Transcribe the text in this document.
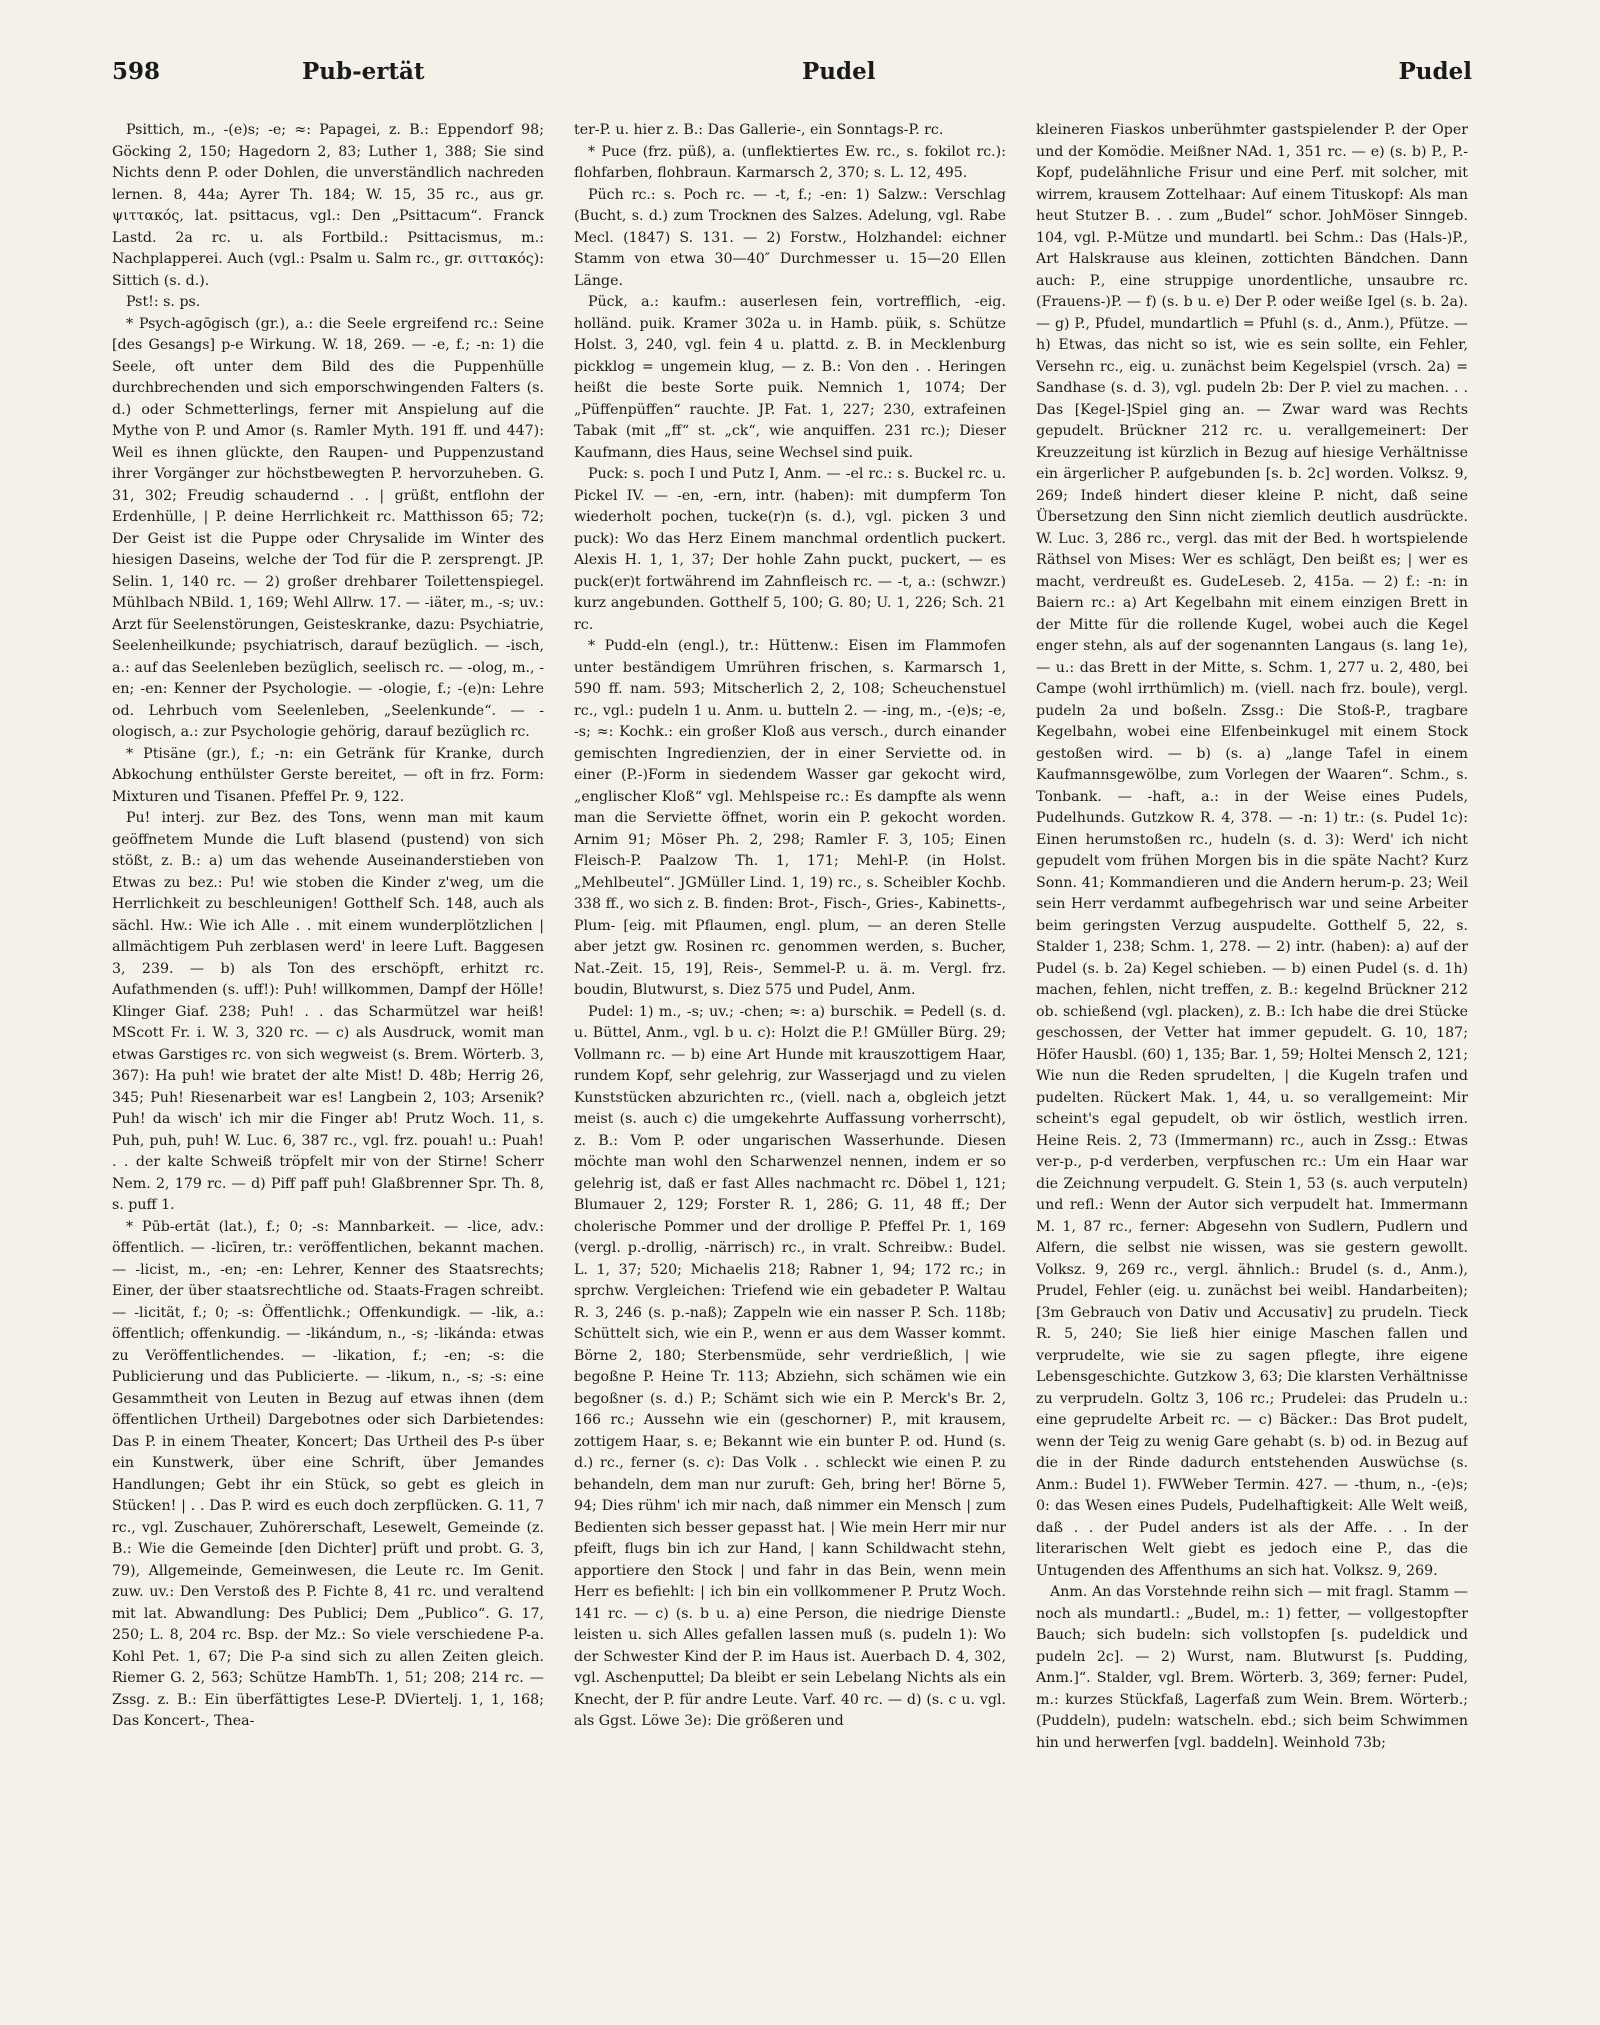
598	Pub-ertät	Pudel	Pudel

Psittich, m., -(e)s; -e; ≈: Papagei, z. B.: Eppendorf 98; Göcking 2, 150; Hagedorn 2, 83; Luther 1, 388; Sie sind Nichts denn P. oder Dohlen, die unverständlich nachreden lernen. 8, 44a; Ayrer Th. 184; W. 15, 35 rc., aus gr. ψιττακός, lat. psittacus, vgl.: Den „Psittacum“. Franck Lastd. 2a rc. u. als Fortbild.: Psittacismus, m.: Nachplapperei. Auch (vgl.: Psalm u. Salm rc., gr. σιττακός): Sittich (s. d.).

Pst!: s. ps.

* Psych-agōgisch (gr.), a.: die Seele ergreifend rc.: Seine [des Gesangs] p-e Wirkung. W. 18, 269. — -e, f.; -n: 1) die Seele, oft unter dem Bild des die Puppenhülle durchbrechenden und sich emporschwingenden Falters (s. d.) oder Schmetterlings, ferner mit Anspielung auf die Mythe von P. und Amor (s. Ramler Myth. 191 ff. und 447): Weil es ihnen glückte, den Raupen- und Puppenzustand ihrer Vorgänger zur höchstbewegten P. hervorzuheben. G. 31, 302; Freudig schaudernd . . | grüßt, entflohn der Erdenhülle, | P. deine Herrlichkeit rc. Matthisson 65; 72; Der Geist ist die Puppe oder Chrysalide im Winter des hiesigen Daseins, welche der Tod für die P. zersprengt. JP. Selin. 1, 140 rc. — 2) großer drehbarer Toilettenspiegel. Mühlbach NBild. 1, 169; Wehl Allrw. 17. — -iäter, m., -s; uv.: Arzt für Seelenstörungen, Geisteskranke, dazu: Psychiatrie, Seelenheilkunde; psychiatrisch, darauf bezüglich. — -isch, a.: auf das Seelenleben bezüglich, seelisch rc. — -olog, m., -en; -en: Kenner der Psychologie. — -ologie, f.; -(e)n: Lehre od. Lehrbuch vom Seelenleben, „Seelenkunde“. — -ologisch, a.: zur Psychologie gehörig, darauf bezüglich rc.

* Ptisäne (gr.), f.; -n: ein Getränk für Kranke, durch Abkochung enthülster Gerste bereitet, — oft in frz. Form: Mixturen und Tisanen. Pfeffel Pr. 9, 122.

Pu! interj. zur Bez. des Tons, wenn man mit kaum geöffnetem Munde die Luft blasend (pustend) von sich stößt, z. B.: a) um das wehende Auseinanderstieben von Etwas zu bez.: Pu! wie stoben die Kinder z'weg, um die Herrlichkeit zu beschleunigen! Gotthelf Sch. 148, auch als sächl. Hw.: Wie ich Alle . . mit einem wunderplötzlichen | allmächtigem Puh zerblasen werd' in leere Luft. Baggesen 3, 239. — b) als Ton des erschöpft, erhitzt rc. Aufathmenden (s. uff!): Puh! willkommen, Dampf der Hölle! Klinger Giaf. 238; Puh! . . das Scharmützel war heiß! MScott Fr. i. W. 3, 320 rc. — c) als Ausdruck, womit man etwas Garstiges rc. von sich wegweist (s. Brem. Wörterb. 3, 367): Ha puh! wie bratet der alte Mist! D. 48b; Herrig 26, 345; Puh! Riesenarbeit war es! Langbein 2, 103; Arsenik? Puh! da wisch' ich mir die Finger ab! Prutz Woch. 11, s. Puh, puh, puh! W. Luc. 6, 387 rc., vgl. frz. pouah! u.: Puah! . . der kalte Schweiß tröpfelt mir von der Stirne! Scherr Nem. 2, 179 rc. — d) Piff paff puh! Glaßbrenner Spr. Th. 8, s. puff 1.

* Pūb-ertāt (lat.), f.; 0; -s: Mannbarkeit. — -lice, adv.: öffentlich. — -licīren, tr.: veröffentlichen, bekannt machen. — -licist, m., -en; -en: Lehrer, Kenner des Staatsrechts; Einer, der über staatsrechtliche od. Staats-Fragen schreibt. — -licität, f.; 0; -s: Öffentlichk.; Offenkundigk. — -lik, a.: öffentlich; offenkundig. — -likándum, n., -s; -likánda: etwas zu Veröffentlichendes. — -likation, f.; -en; -s: die Publicierung und das Publicierte. — -likum, n., -s; -s: eine Gesammtheit von Leuten in Bezug auf etwas ihnen (dem öffentlichen Urtheil) Dargebotnes oder sich Darbietendes: Das P. in einem Theater, Koncert; Das Urtheil des P-s über ein Kunstwerk, über eine Schrift, über Jemandes Handlungen; Gebt ihr ein Stück, so gebt es gleich in Stücken! | . . Das P. wird es euch doch zerpflücken. G. 11, 7 rc., vgl. Zuschauer, Zuhörerschaft, Lesewelt, Gemeinde (z. B.: Wie die Gemeinde [den Dichter] prüft und probt. G. 3, 79), Allgemeinde, Gemeinwesen, die Leute rc. Im Genit. zuw. uv.: Den Verstoß des P. Fichte 8, 41 rc. und veraltend mit lat. Abwandlung: Des Publici; Dem „Publico“. G. 17, 250; L. 8, 204 rc. Bsp. der Mz.: So viele verschiedene P-a. Kohl Pet. 1, 67; Die P-a sind sich zu allen Zeiten gleich. Riemer G. 2, 563; Schütze HambTh. 1, 51; 208; 214 rc. — Zssg. z. B.: Ein überfättigtes Lese-P. DViertelj. 1, 1, 168; Das Koncert-, Thea-

ter-P. u. hier z. B.: Das Gallerie-, ein Sonntags-P. rc.

* Puce (frz. püß), a. (unflektiertes Ew. rc., s. fokilot rc.): flohfarben, flohbraun. Karmarsch 2, 370; s. L. 12, 495.

Püch rc.: s. Poch rc. — -t, f.; -en: 1) Salzw.: Verschlag (Bucht, s. d.) zum Trocknen des Salzes. Adelung, vgl. Rabe Mecl. (1847) S. 131. — 2) Forstw., Holzhandel: eichner Stamm von etwa 30—40″ Durchmesser u. 15—20 Ellen Länge.

Pück, a.: kaufm.: auserlesen fein, vortrefflich, -eig. holländ. puik. Kramer 302a u. in Hamb. püik, s. Schütze Holst. 3, 240, vgl. fein 4 u. plattd. z. B. in Mecklenburg pickklog = ungemein klug, — z. B.: Von den . . Heringen heißt die beste Sorte puik. Nemnich 1, 1074; Der „Püffenpüffen“ rauchte. JP. Fat. 1, 227; 230, extrafeinen Tabak (mit „ff“ st. „ck“, wie anquiffen. 231 rc.); Dieser Kaufmann, dies Haus, seine Wechsel sind puik.

Puck: s. poch I und Putz I, Anm. — -el rc.: s. Buckel rc. u. Pickel IV. — -en, -ern, intr. (haben): mit dumpferm Ton wiederholt pochen, tucke(r)n (s. d.), vgl. picken 3 und puck): Wo das Herz Einem manchmal ordentlich puckert. Alexis H. 1, 1, 37; Der hohle Zahn puckt, puckert, — es puck(er)t fortwährend im Zahnfleisch rc. — -t, a.: (schwzr.) kurz angebunden. Gotthelf 5, 100; G. 80; U. 1, 226; Sch. 21 rc.

* Pudd-eln (engl.), tr.: Hüttenw.: Eisen im Flammofen unter beständigem Umrühren frischen, s. Karmarsch 1, 590 ff. nam. 593; Mitscherlich 2, 2, 108; Scheuchenstuel rc., vgl.: pudeln 1 u. Anm. u. butteln 2. — -ing, m., -(e)s; -e, -s; ≈: Kochk.: ein großer Kloß aus versch., durch einander gemischten Ingredienzien, der in einer Serviette od. in einer (P.-)Form in siedendem Wasser gar gekocht wird, „englischer Kloß“ vgl. Mehlspeise rc.: Es dampfte als wenn man die Serviette öffnet, worin ein P. gekocht worden. Arnim 91; Möser Ph. 2, 298; Ramler F. 3, 105; Einen Fleisch-P. Paalzow Th. 1, 171; Mehl-P. (in Holst. „Mehlbeutel“. JGMüller Lind. 1, 19) rc., s. Scheibler Kochb. 338 ff., wo sich z. B. finden: Brot-, Fisch-, Gries-, Kabinetts-, Plum- [eig. mit Pflaumen, engl. plum, — an deren Stelle aber jetzt gw. Rosinen rc. genommen werden, s. Bucher, Nat.-Zeit. 15, 19], Reis-, Semmel-P. u. ä. m. Vergl. frz. boudin, Blutwurst, s. Diez 575 und Pudel, Anm.

Pudel: 1) m., -s; uv.; -chen; ≈: a) burschik. = Pedell (s. d. u. Büttel, Anm., vgl. b u. c): Holzt die P.! GMüller Bürg. 29; Vollmann rc. — b) eine Art Hunde mit krauszottigem Haar, rundem Kopf, sehr gelehrig, zur Wasserjagd und zu vielen Kunststücken abzurichten rc., (viell. nach a, obgleich jetzt meist (s. auch c) die umgekehrte Auffassung vorherrscht), z. B.: Vom P. oder ungarischen Wasserhunde. Diesen möchte man wohl den Scharwenzel nennen, indem er so gelehrig ist, daß er fast Alles nachmacht rc. Döbel 1, 121; Blumauer 2, 129; Forster R. 1, 286; G. 11, 48 ff.; Der cholerische Pommer und der drollige P. Pfeffel Pr. 1, 169 (vergl. p.-drollig, -närrisch) rc., in vralt. Schreibw.: Budel. L. 1, 37; 520; Michaelis 218; Rabner 1, 94; 172 rc.; in sprchw. Vergleichen: Triefend wie ein gebadeter P. Waltau R. 3, 246 (s. p.-naß); Zappeln wie ein nasser P. Sch. 118b; Schüttelt sich, wie ein P., wenn er aus dem Wasser kommt. Börne 2, 180; Sterbensmüde, sehr verdrießlich, | wie begoßne P. Heine Tr. 113; Abziehn, sich schämen wie ein begoßner (s. d.) P.; Schämt sich wie ein P. Merck's Br. 2, 166 rc.; Aussehn wie ein (geschorner) P., mit krausem, zottigem Haar, s. e; Bekannt wie ein bunter P. od. Hund (s. d.) rc., ferner (s. c): Das Volk . . schleckt wie einen P. zu behandeln, dem man nur zuruft: Geh, bring her! Börne 5, 94; Dies rühm' ich mir nach, daß nimmer ein Mensch | zum Bedienten sich besser gepasst hat. | Wie mein Herr mir nur pfeift, flugs bin ich zur Hand, | kann Schildwacht stehn, apportiere den Stock | und fahr in das Bein, wenn mein Herr es befiehlt: | ich bin ein vollkommener P. Prutz Woch. 141 rc. — c) (s. b u. a) eine Person, die niedrige Dienste leisten u. sich Alles gefallen lassen muß (s. pudeln 1): Wo der Schwester Kind der P. im Haus ist. Auerbach D. 4, 302, vgl. Aschenputtel; Da bleibt er sein Lebelang Nichts als ein Knecht, der P. für andre Leute. Varf. 40 rc. — d) (s. c u. vgl. als Ggst. Löwe 3e): Die größeren und

kleineren Fiaskos unberühmter gastspielender P. der Oper und der Komödie. Meißner NAd. 1, 351 rc. — e) (s. b) P., P.-Kopf, pudelähnliche Frisur und eine Perf. mit solcher, mit wirrem, krausem Zottelhaar: Auf einem Tituskopf: Als man heut Stutzer B. . . zum „Budel“ schor. JohMöser Sinngeb. 104, vgl. P.-Mütze und mundartl. bei Schm.: Das (Hals-)P., Art Halskrause aus kleinen, zottichten Bändchen. Dann auch: P., eine struppige unordentliche, unsaubre rc. (Frauens-)P. — f) (s. b u. e) Der P. oder weiße Igel (s. b. 2a). — g) P., Pfudel, mundartlich = Pfuhl (s. d., Anm.), Pfütze. — h) Etwas, das nicht so ist, wie es sein sollte, ein Fehler, Versehn rc., eig. u. zunächst beim Kegelspiel (vrsch. 2a) = Sandhase (s. d. 3), vgl. pudeln 2b: Der P. viel zu machen. . . Das [Kegel-]Spiel ging an. — Zwar ward was Rechts gepudelt. Brückner 212 rc. u. verallgemeinert: Der Kreuzzeitung ist kürzlich in Bezug auf hiesige Verhältnisse ein ärgerlicher P. aufgebunden [s. b. 2c] worden. Volksz. 9, 269; Indeß hindert dieser kleine P. nicht, daß seine Übersetzung den Sinn nicht ziemlich deutlich ausdrückte. W. Luc. 3, 286 rc., vergl. das mit der Bed. h wortspielende Räthsel von Mises: Wer es schlägt, Den beißt es; | wer es macht, verdreußt es. GudeLeseb. 2, 415a. — 2) f.: -n: in Baiern rc.: a) Art Kegelbahn mit einem einzigen Brett in der Mitte für die rollende Kugel, wobei auch die Kegel enger stehn, als auf der sogenannten Langaus (s. lang 1e), — u.: das Brett in der Mitte, s. Schm. 1, 277 u. 2, 480, bei Campe (wohl irrthümlich) m. (viell. nach frz. boule), vergl. pudeln 2a und boßeln. Zssg.: Die Stoß-P., tragbare Kegelbahn, wobei eine Elfenbeinkugel mit einem Stock gestoßen wird. — b) (s. a) „lange Tafel in einem Kaufmannsgewölbe, zum Vorlegen der Waaren“. Schm., s. Tonbank. — -haft, a.: in der Weise eines Pudels, Pudelhunds. Gutzkow R. 4, 378. — -n: 1) tr.: (s. Pudel 1c): Einen herumstoßen rc., hudeln (s. d. 3): Werd' ich nicht gepudelt vom frühen Morgen bis in die späte Nacht? Kurz Sonn. 41; Kommandieren und die Andern herum-p. 23; Weil sein Herr verdammt aufbegehrisch war und seine Arbeiter beim geringsten Verzug auspudelte. Gotthelf 5, 22, s. Stalder 1, 238; Schm. 1, 278. — 2) intr. (haben): a) auf der Pudel (s. b. 2a) Kegel schieben. — b) einen Pudel (s. d. 1h) machen, fehlen, nicht treffen, z. B.: kegelnd Brückner 212 ob. schießend (vgl. placken), z. B.: Ich habe die drei Stücke geschossen, der Vetter hat immer gepudelt. G. 10, 187; Höfer Hausbl. (60) 1, 135; Bar. 1, 59; Holtei Mensch 2, 121; Wie nun die Reden sprudelten, | die Kugeln trafen und pudelten. Rückert Mak. 1, 44, u. so verallgemeint: Mir scheint's egal gepudelt, ob wir östlich, westlich irren. Heine Reis. 2, 73 (Immermann) rc., auch in Zssg.: Etwas ver-p., p-d verderben, verpfuschen rc.: Um ein Haar war die Zeichnung verpudelt. G. Stein 1, 53 (s. auch verputeln) und refl.: Wenn der Autor sich verpudelt hat. Immermann M. 1, 87 rc., ferner: Abgesehn von Sudlern, Pudlern und Alfern, die selbst nie wissen, was sie gestern gewollt. Volksz. 9, 269 rc., vergl. ähnlich.: Brudel (s. d., Anm.), Prudel, Fehler (eig. u. zunächst bei weibl. Handarbeiten); [3m Gebrauch von Dativ und Accusativ] zu prudeln. Tieck R. 5, 240; Sie ließ hier einige Maschen fallen und verprudelte, wie sie zu sagen pflegte, ihre eigene Lebensgeschichte. Gutzkow 3, 63; Die klarsten Verhältnisse zu verprudeln. Goltz 3, 106 rc.; Prudelei: das Prudeln u.: eine geprudelte Arbeit rc. — c) Bäcker.: Das Brot pudelt, wenn der Teig zu wenig Gare gehabt (s. b) od. in Bezug auf die in der Rinde dadurch entstehenden Auswüchse (s. Anm.: Budel 1). FWWeber Termin. 427. — -thum, n., -(e)s; 0: das Wesen eines Pudels, Pudelhaftigkeit: Alle Welt weiß, daß . . der Pudel anders ist als der Affe. . . In der literarischen Welt giebt es jedoch eine P., das die Untugenden des Affenthums an sich hat. Volksz. 9, 269.

Anm. An das Vorstehnde reihn sich — mit fragl. Stamm — noch als mundartl.: „Budel, m.: 1) fetter, — vollgestopfter Bauch; sich budeln: sich vollstopfen [s. pudeldick und pudeln 2c]. — 2) Wurst, nam. Blutwurst [s. Pudding, Anm.]“. Stalder, vgl. Brem. Wörterb. 3, 369; ferner: Pudel, m.: kurzes Stückfaß, Lagerfaß zum Wein. Brem. Wörterb.; (Puddeln), pudeln: watscheln. ebd.; sich beim Schwimmen hin und herwerfen [vgl. baddeln]. Weinhold 73b;
